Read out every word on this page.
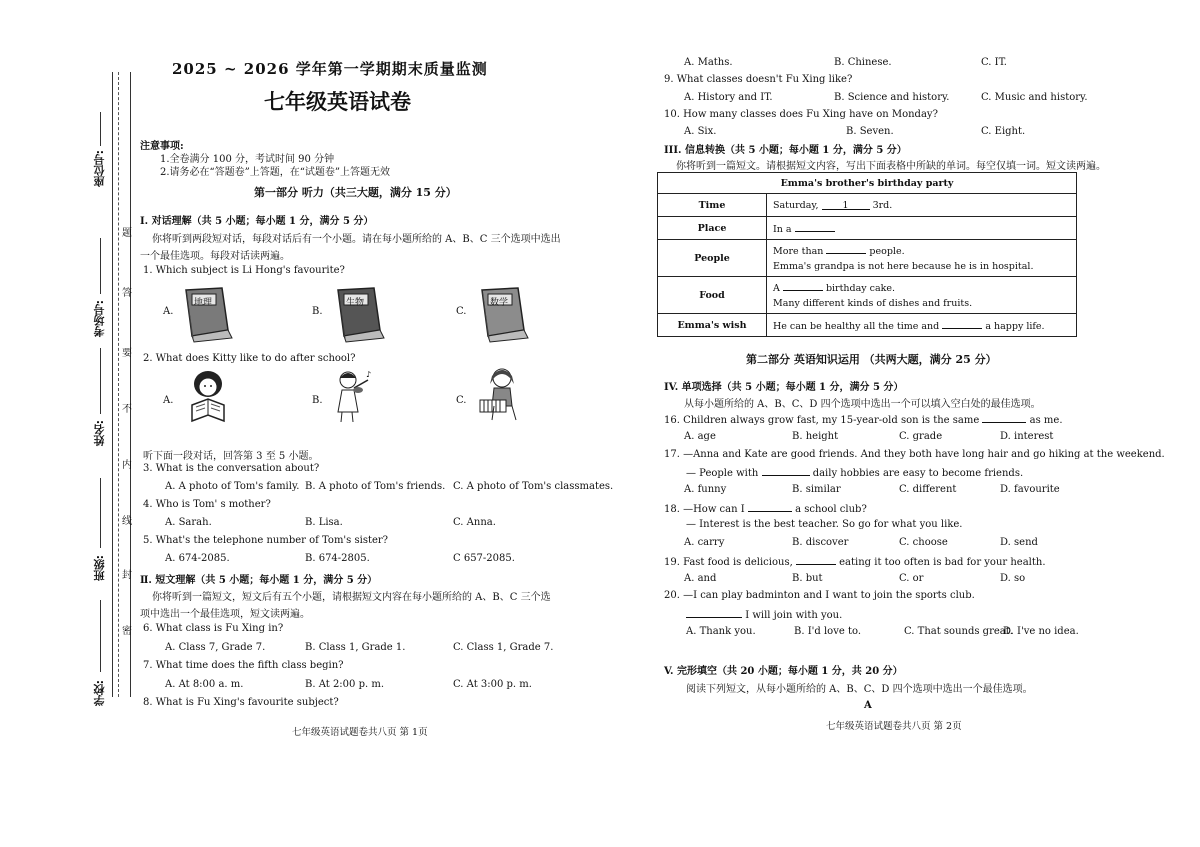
座位号:
考场号:
姓名:
班级:
学校:
题
答
要
不
内
线
封
密
2025 ~ 2026 学年第一学期期末质量监测
七年级英语试卷
注意事项:
1.全卷满分 100 分，考试时间 90 分钟
2.请务必在“答题卷”上答题，在“试题卷”上答题无效
第一部分 听力（共三大题，满分 15 分）
I. 对话理解（共 5 小题；每小题 1 分，满分 5 分）
你将听到两段短对话，每段对话后有一个小题。请在每小题所给的 A、B、C 三个选项中选出
一个最佳选项。每段对话读两遍。
1. Which subject is Li Hong's favourite?
A.
地理
B.
生物
C.
数学
2. What does Kitty like to do after school?
A.	B.
♪
C.
听下面一段对话，回答第 3 至 5 小题。
3. What is the conversation about?
A. A photo of Tom's family. B. A photo of Tom's friends. C. A photo of Tom's classmates.
4. Who is Tom' s mother?
A. Sarah.	B. Lisa.	C. Anna.
5. What's the telephone number of Tom's sister?
A. 674-2085.	B. 674-2805.	C 657-2085.
Ⅱ. 短文理解（共 5 小题；每小题 1 分，满分 5 分）
你将听到一篇短文，短文后有五个小题，请根据短文内容在每小题所给的 A、B、C 三个选
项中选出一个最佳选项，短文读两遍。
6. What class is Fu Xing in?
A. Class 7, Grade 7.	B. Class 1, Grade 1.	C. Class 1, Grade 7.
7. What time does the fifth class begin?
A. At 8:00 a. m.	B. At 2:00 p. m.	C. At 3:00 p. m.
8. What is Fu Xing's favourite subject?
七年级英语试题卷共八页 第 1页
A. Maths.	B. Chinese.	C. IT.
9. What classes doesn't Fu Xing like?
A. History and IT.	B. Science and history.	C. Music and history.
10. How many classes does Fu Xing have on Monday?
A. Six.	B. Seven.	C. Eight.
III. 信息转换（共 5 小题；每小题 1 分，满分 5 分）
你将听到一篇短文。请根据短文内容，写出下面表格中所缺的单词。每空仅填一词。短文读两遍。
Emma's brother's birthday party	
Time	Saturday, 1 3rd.
Place	In a
People	More than people.
Emma's grandpa is not here because he is in hospital.

Food	A birthday cake.
Many different kinds of dishes and fruits.

Emma's wish	He can be healthy all the time and a happy life.
第二部分 英语知识运用 （共两大题，满分 25 分）
IV. 单项选择（共 5 小题；每小题 1 分，满分 5 分）
从每小题所给的 A、B、C、D 四个选项中选出一个可以填入空白处的最佳选项。
16. Children always grow fast, my 15-year-old son is the same	as me.
A. age	B. height	C. grade	D. interest
17. —Anna and Kate are good friends. And they both have long hair and go hiking at the weekend.
— People with	daily hobbies are easy to become friends.
A. funny	B. similar	C. different	D. favourite
18. —How can I	a school club?
— Interest is the best teacher. So go for what you like.
A. carry	B. discover	C. choose	D. send
19. Fast food is delicious,	eating it too often is bad for your health.
A. and	B. but	C. or	D. so
20. —I can play badminton and I want to join the sports club.
I will join with you.
A. Thank you.	B. I'd love to.	C. That sounds great.
D. I've no idea.
V. 完形填空（共 20 小题；每小题 1 分，共 20 分）
阅读下列短文，从每小题所给的 A、B、C、D 四个选项中选出一个最佳选项。
A
七年级英语试题卷共八页 第 2页
